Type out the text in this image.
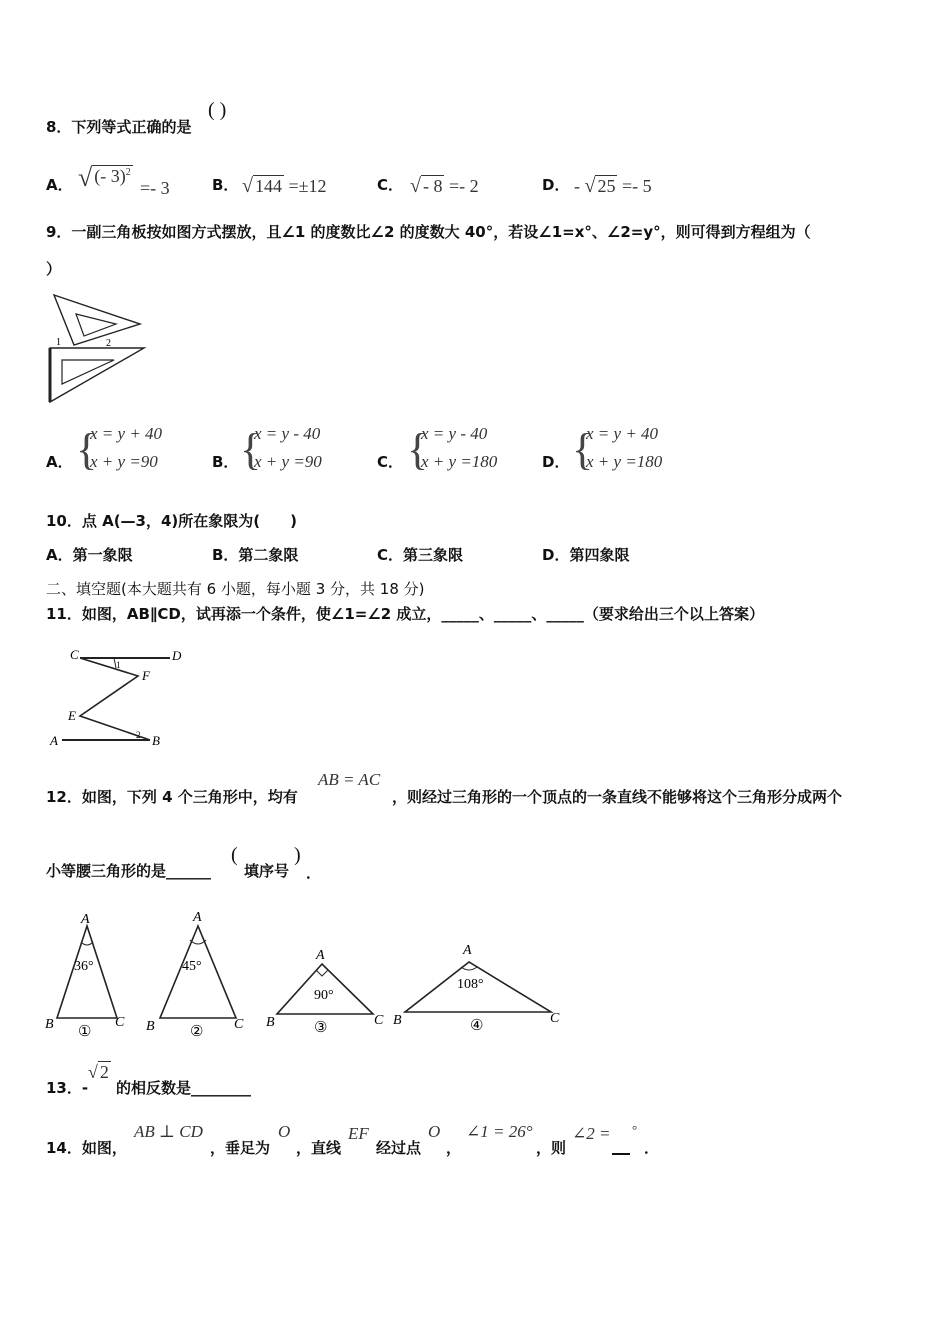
8．下列等式正确的是
( )
A． √ (- 3)$^2$
=- 3	B． √ 144 =±12	C． √ - 8 =- 2	D． - √ 25 =- 5
9．一副三角板按如图方式摆放，且∠1 的度数比∠2 的度数大 40°，若设∠1=x°、∠2=y°，则可得到方程组为（
）
1	2
A． {
x = y + 40
x + y =90	B． {
x = y - 40
x + y =90	C． {
x = y - 40
x + y =180	D． {
x = y + 40
x + y =180
10．点 A(—3，4)所在象限为(　　)
A．第一象限	B．第二象限	C．第三象限	D．第四象限
二、填空题(本大题共有 6 小题，每小题 3 分，共 18 分)
11．如图，AB∥CD，试再添一个条件，使∠1=∠2 成立，_____、_____、_____（要求给出三个以上答案）
C	D
F
E
A	B
1
2
12．如图，下列 4 个三角形中，均有
AB = AC
，则经过三角形的一个顶点的一条直线不能够将这个三角形分成两个
小等腰三角形的是______
(
填序号
)
．
A
B	C
36°
①
A
B	C
45°
②
A
B	C
90°
③
A
B	C
108°
④
13．-
√ 2
的相反数是________
14．如图，
AB ⊥ CD
，垂足为
O
，直线
EF
经过点
O
，
∠1 = 26°
，则
∠2 = °
．
